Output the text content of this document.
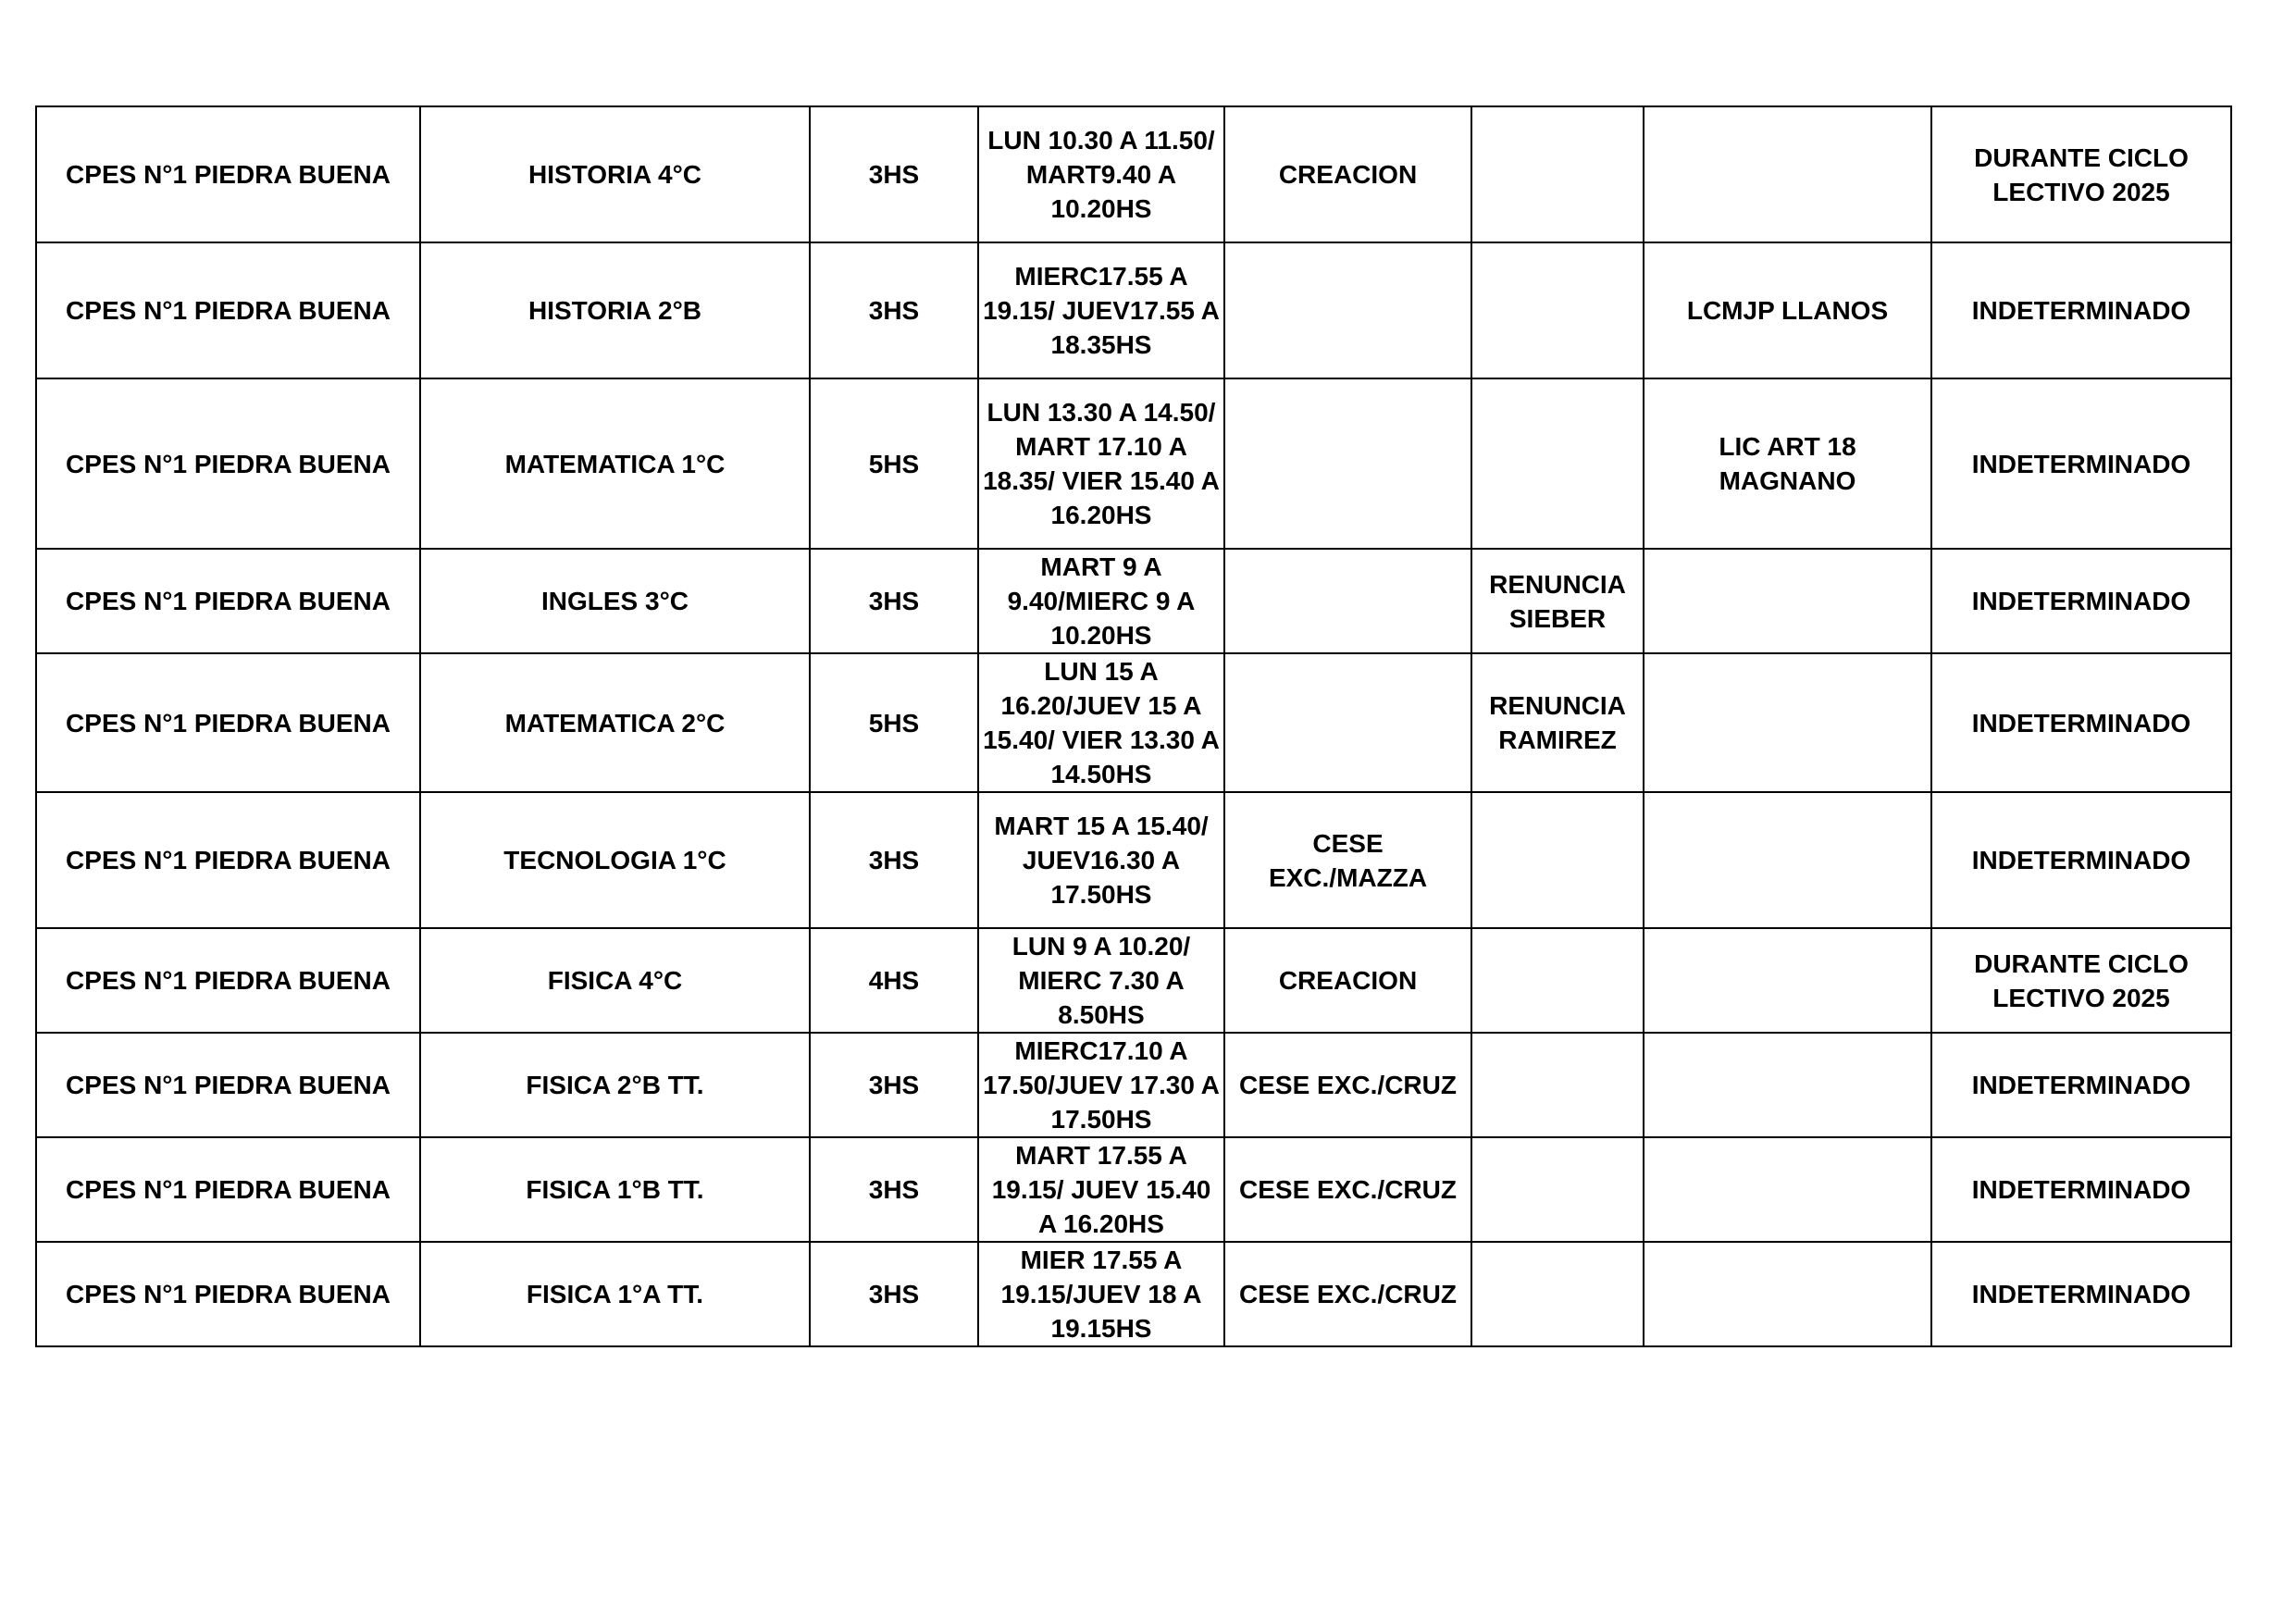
CPES N°1 PIEDRA BUENA	HISTORIA 4°C	3HS	LUN 10.30 A 11.50/ MART9.40 A 10.20HS	CREACION			DURANTE CICLO LECTIVO 2025
CPES N°1 PIEDRA BUENA	HISTORIA 2°B	3HS	MIERC17.55 A 19.15/ JUEV17.55 A 18.35HS			LCMJP LLANOS	INDETERMINADO
CPES N°1 PIEDRA BUENA	MATEMATICA 1°C	5HS	LUN 13.30 A 14.50/ MART 17.10 A 18.35/ VIER 15.40 A 16.20HS			LIC ART 18 MAGNANO	INDETERMINADO
CPES N°1 PIEDRA BUENA	INGLES 3°C	3HS	MART 9 A 9.40/MIERC 9 A 10.20HS		RENUNCIA SIEBER		INDETERMINADO
CPES N°1 PIEDRA BUENA	MATEMATICA 2°C	5HS	LUN 15 A 16.20/JUEV 15 A 15.40/ VIER 13.30 A 14.50HS		RENUNCIA RAMIREZ		INDETERMINADO
CPES N°1 PIEDRA BUENA	TECNOLOGIA 1°C	3HS	MART 15 A 15.40/ JUEV16.30 A 17.50HS	CESE EXC./MAZZA			INDETERMINADO
CPES N°1 PIEDRA BUENA	FISICA 4°C	4HS	LUN 9 A 10.20/ MIERC 7.30 A 8.50HS	CREACION			DURANTE CICLO LECTIVO 2025
CPES N°1 PIEDRA BUENA	FISICA 2°B TT.	3HS	MIERC17.10 A 17.50/JUEV 17.30 A 17.50HS	CESE EXC./CRUZ			INDETERMINADO
CPES N°1 PIEDRA BUENA	FISICA 1°B TT.	3HS	MART 17.55 A 19.15/ JUEV 15.40 A 16.20HS	CESE EXC./CRUZ			INDETERMINADO
CPES N°1 PIEDRA BUENA	FISICA 1°A TT.	3HS	MIER 17.55 A 19.15/JUEV 18 A 19.15HS	CESE EXC./CRUZ			INDETERMINADO
